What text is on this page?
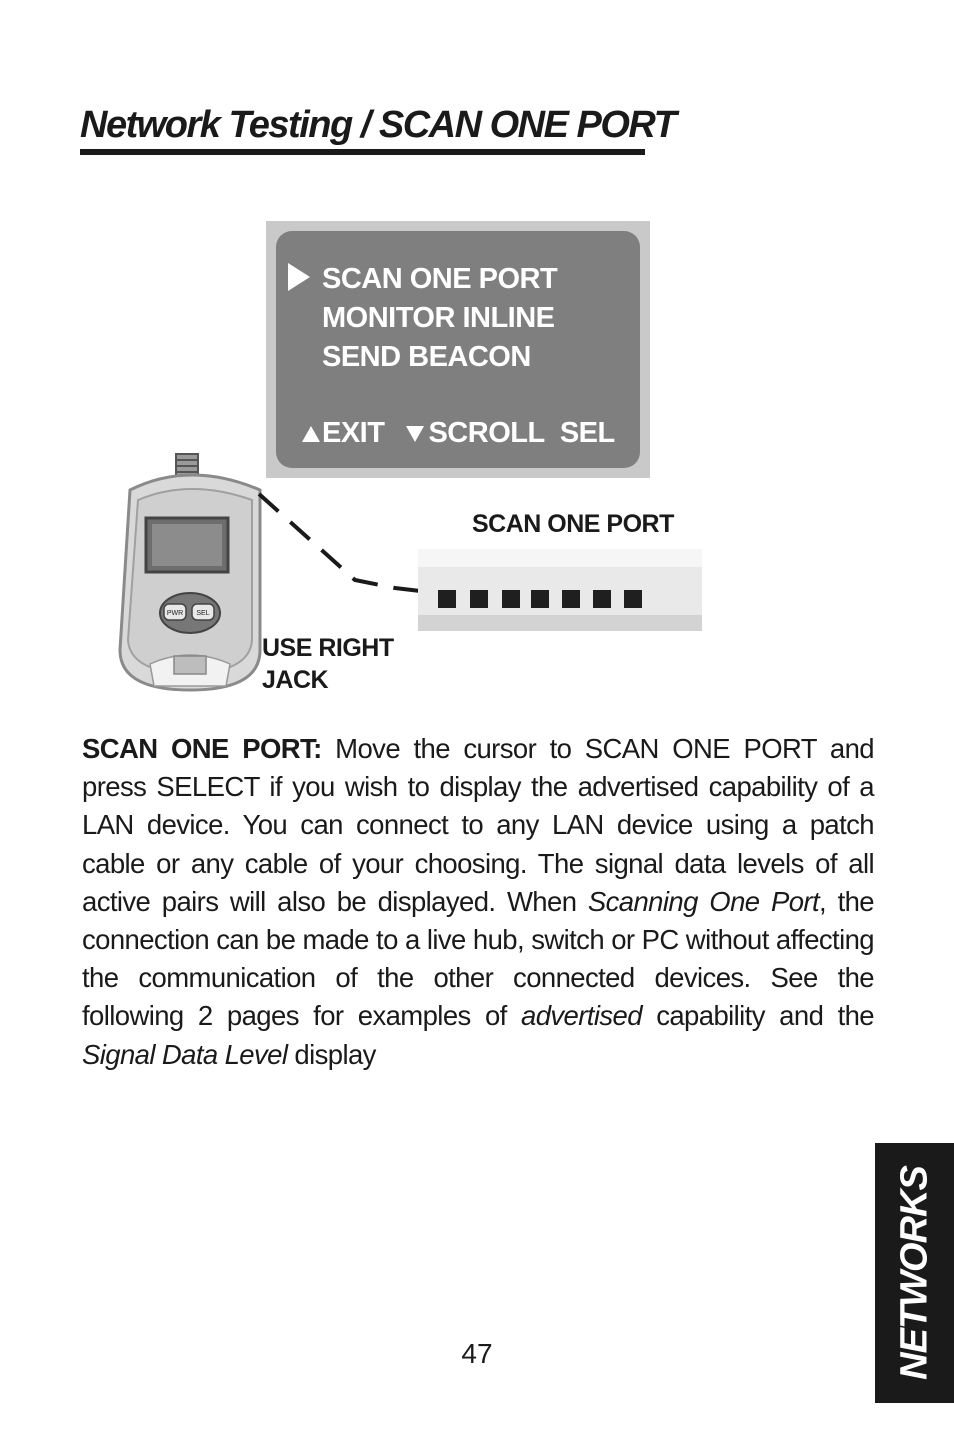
Network Testing / SCAN ONE PORT
SCAN ONE PORT
MONITOR INLINE
SEND BEACON
EXIT SCROLL SEL
PWR SEL
SCAN ONE PORT
USE RIGHT
JACK
SCAN ONE PORT: Move the cursor to SCAN ONE PORT and press SELECT if you wish to display the advertised capability of a LAN device. You can connect to any LAN device using a patch cable or any cable of your choosing. The signal data levels of all active pairs will also be displayed. When Scanning One Port, the connection can be made to a live hub, switch or PC without affecting the communication of the other connected devices. See the following 2 pages for examples of advertised capability and the Signal Data Level display
NETWORKS
47
